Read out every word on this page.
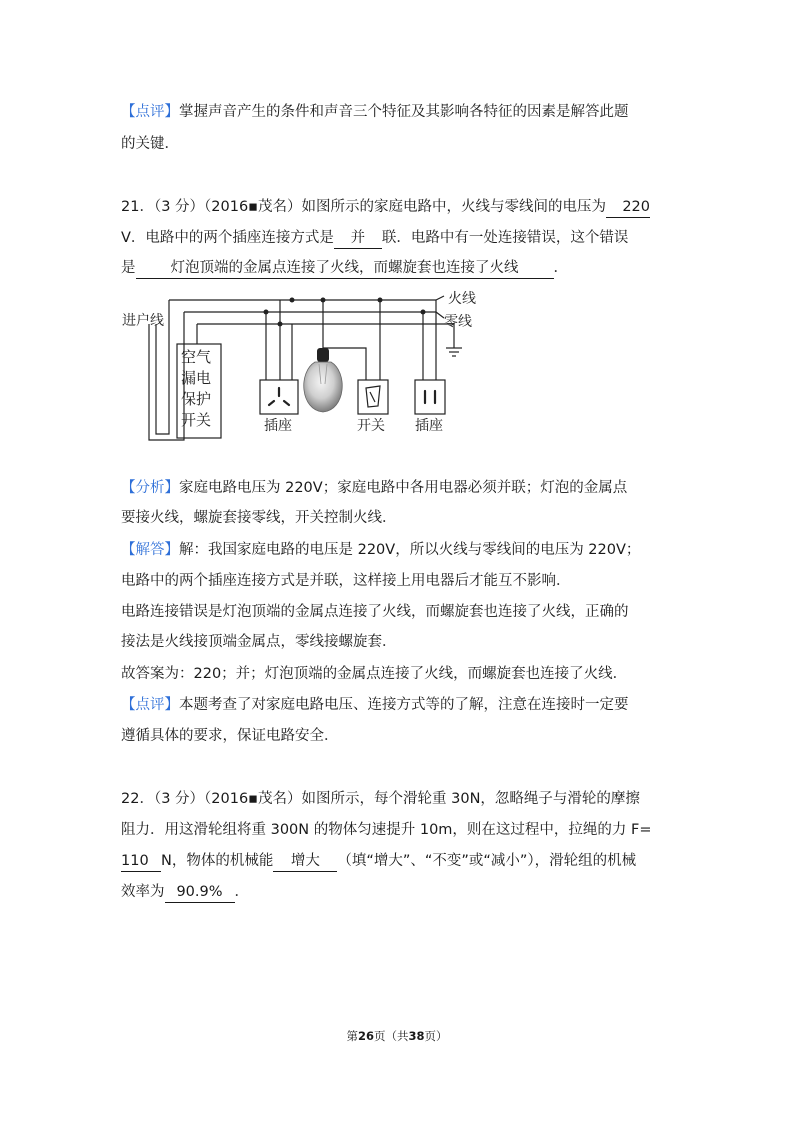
【点评】掌握声音产生的条件和声音三个特征及其影响各特征的因素是解答此题
的关键．
21．（3 分）（2016▪茂名）如图所示的家庭电路中，火线与零线间的电压为 220
V．电路中的两个插座连接方式是 并 联．电路中有一处连接错误，这个错误
是 灯泡顶端的金属点连接了火线，而螺旋套也连接了火线 ．
火线
零线
进户线
空气
漏电
保护
开关	插座	开关 插座
【分析】家庭电路电压为 220V；家庭电路中各用电器必须并联；灯泡的金属点
要接火线，螺旋套接零线，开关控制火线．
【解答】解：我国家庭电路的电压是 220V，所以火线与零线间的电压为 220V；
电路中的两个插座连接方式是并联，这样接上用电器后才能互不影响．
电路连接错误是灯泡顶端的金属点连接了火线，而螺旋套也连接了火线，正确的
接法是火线接顶端金属点，零线接螺旋套．
故答案为：220；并；灯泡顶端的金属点连接了火线，而螺旋套也连接了火线．
【点评】本题考查了对家庭电路电压、连接方式等的了解，注意在连接时一定要
遵循具体的要求，保证电路安全．
22．（3 分）（2016▪茂名）如图所示，每个滑轮重 30N，忽略绳子与滑轮的摩擦
阻力．用这滑轮组将重 300N 的物体匀速提升 10m，则在这过程中，拉绳的力 F=
110 N，物体的机械能 增大 （填“增大”、“不变”或“减小”），滑轮组的机械
效率为 90.9% ．
第26页（共38页）
